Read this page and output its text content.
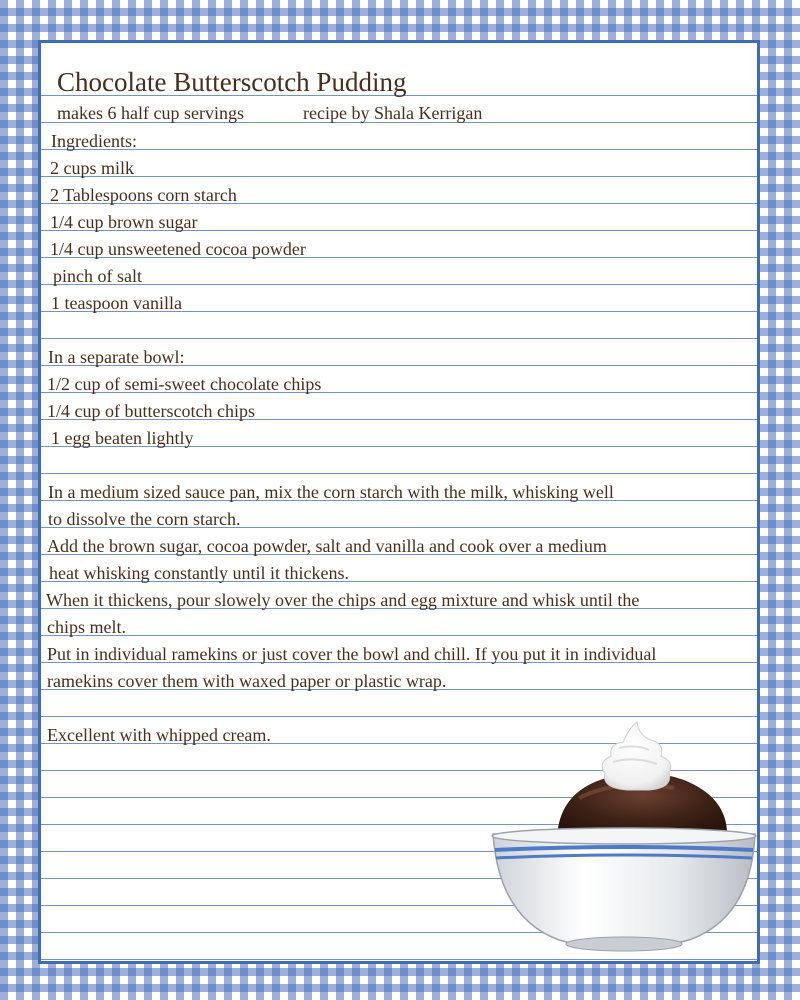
Chocolate Butterscotch Pudding
makes 6 half cup servings	recipe by Shala Kerrigan
Ingredients:
2 cups milk
2 Tablespoons corn starch
1/4 cup brown sugar
1/4 cup unsweetened cocoa powder
pinch of salt
1 teaspoon vanilla
In a separate bowl:
1/2 cup of semi-sweet chocolate chips
1/4 cup of butterscotch chips
1 egg beaten lightly
In a medium sized sauce pan, mix the corn starch with the milk, whisking well
to dissolve the corn starch.
Add the brown sugar, cocoa powder, salt and vanilla and cook over a medium
heat whisking constantly until it thickens.
When it thickens, pour slowely over the chips and egg mixture and whisk until the
chips melt.
Put in individual ramekins or just cover the bowl and chill. If you put it in individual
ramekins cover them with waxed paper or plastic wrap.
Excellent with whipped cream.
